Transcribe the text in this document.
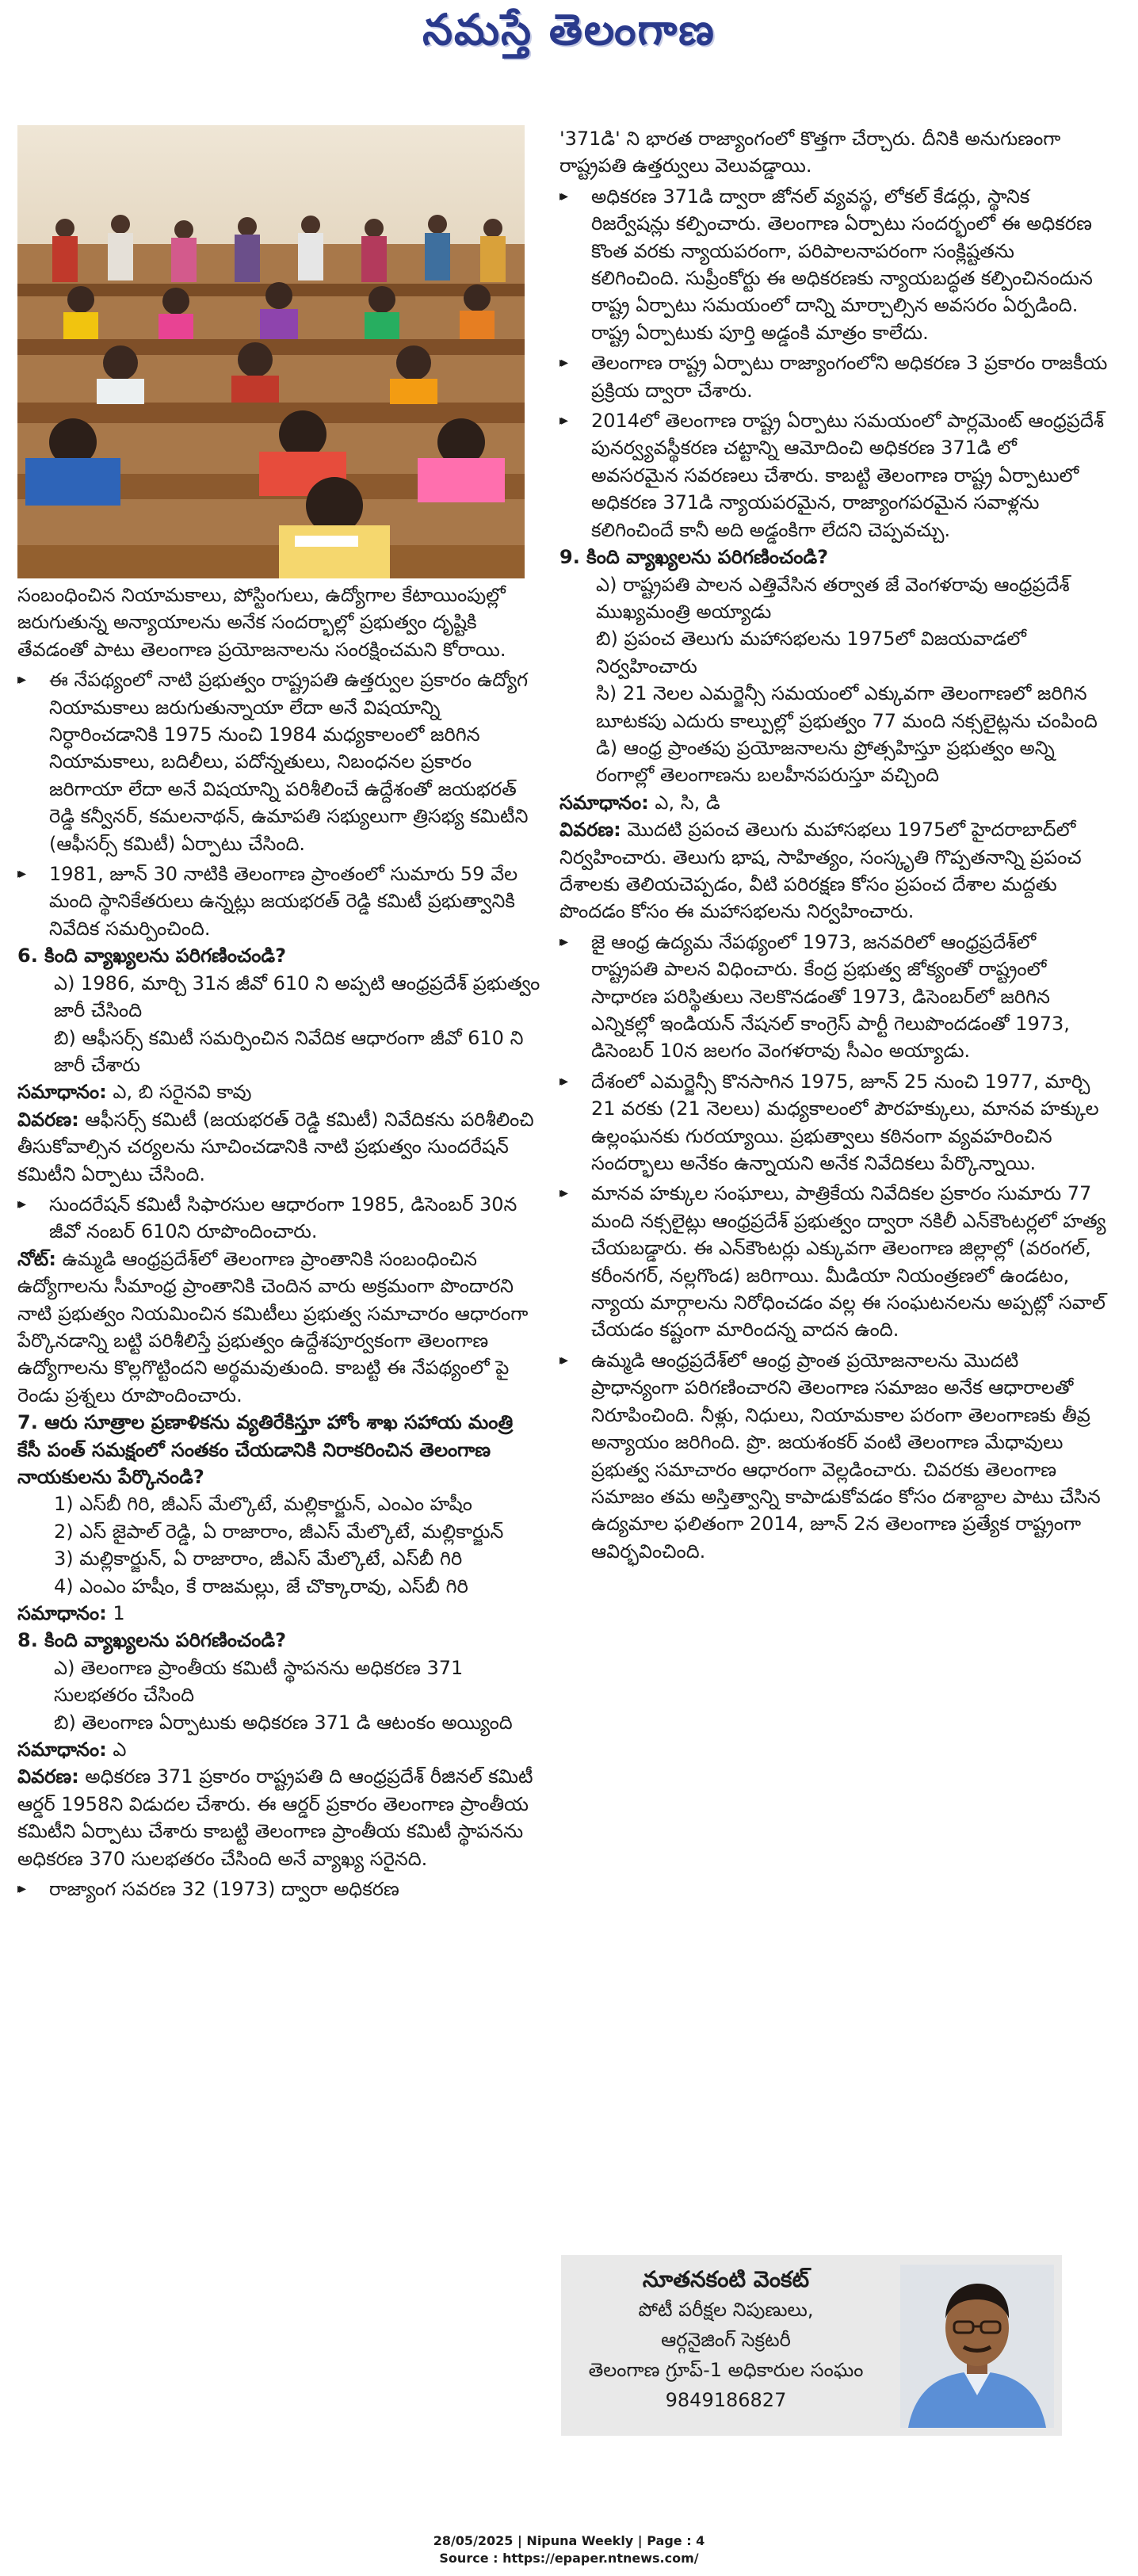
నమస్తే తెలంగాణ

సంబంధించిన నియామకాలు, పోస్టింగులు, ఉద్యోగాల కేటాయింపుల్లో జరుగుతున్న అన్యాయాలను అనేక సందర్భాల్లో ప్రభుత్వం దృష్టికి తేవడంతో పాటు తెలంగాణ ప్రయోజనాలను సంరక్షించమని కోరాయి.

▸▸ ఈ నేపథ్యంలో నాటి ప్రభుత్వం రాష్ట్రపతి ఉత్తర్వుల ప్రకారం ఉద్యోగ నియామకాలు జరుగుతున్నాయా లేదా అనే విషయాన్ని నిర్ధారించడానికి 1975 నుంచి 1984 మధ్యకాలంలో జరిగిన నియామకాలు, బదిలీలు, పదోన్నతులు, నిబంధనల ప్రకారం జరిగాయా లేదా అనే విషయాన్ని పరిశీలించే ఉద్దేశంతో జయభరత్ రెడ్డి కన్వీనర్‌, కమలనాథన్‌, ఉమాపతి సభ్యులుగా త్రిసభ్య కమిటీని (ఆఫీసర్స్ కమిటీ) ఏర్పాటు చేసింది.

▸▸ 1981, జూన్ 30 నాటికి తెలంగాణ ప్రాంతంలో సుమారు 59 వేల మంది స్థానికేతరులు ఉన్నట్లు జయభరత్ రెడ్డి కమిటీ ప్రభుత్వానికి నివేదిక సమర్పించింది.

6. కింది వ్యాఖ్యలను పరిగణించండి?

ఎ) 1986, మార్చి 31న జీవో 610 ని అప్పటి ఆంధ్రప్రదేశ్ ప్రభుత్వం జారీ చేసింది

బి) ఆఫీసర్స్ కమిటీ సమర్పించిన నివేదిక ఆధారంగా జీవో 610 ని జారీ చేశారు

సమాధానం: ఎ, బి సరైనవి కావు

వివరణ: ఆఫీసర్స్ కమిటీ (జయభరత్ రెడ్డి కమిటీ) నివేదికను పరిశీలించి తీసుకోవాల్సిన చర్యలను సూచించడానికి నాటి ప్రభుత్వం సుందరేషన్ కమిటీని ఏర్పాటు చేసింది.

▸▸ సుందరేషన్ కమిటీ సిఫారసుల ఆధారంగా 1985, డిసెంబర్ 30న జీవో నంబర్ 610ని రూపొందించారు.

నోట్: ఉమ్మడి ఆంధ్రప్రదేశ్‌లో తెలంగాణ ప్రాంతానికి సంబంధించిన ఉద్యోగాలను సీమాంధ్ర ప్రాంతానికి చెందిన వారు అక్రమంగా పొందారని నాటి ప్రభుత్వం నియమించిన కమిటీలు ప్రభుత్వ సమాచారం ఆధారంగా పేర్కొనడాన్ని బట్టి పరిశీలిస్తే ప్రభుత్వం ఉద్దేశపూర్వకంగా తెలంగాణ ఉద్యోగాలను కొల్లగొట్టిందని అర్థమవుతుంది. కాబట్టి ఈ నేపథ్యంలో పై రెండు ప్రశ్నలు రూపొందించారు.

7. ఆరు సూత్రాల ప్రణాళికను వ్యతిరేకిస్తూ హోం శాఖ సహాయ మంత్రి కేసీ పంత్ సమక్షంలో సంతకం చేయడానికి నిరాకరించిన తెలంగాణ నాయకులను పేర్కొనండి?

1) ఎస్‌బీ గిరి, జీఎస్ మేల్కొటే, మల్లికార్జున్‌, ఎంఎం హషీం

2) ఎస్ జైపాల్ రెడ్డి, ఏ రాజారాం, జీఎస్ మేల్కొటే, మల్లికార్జున్

3) మల్లికార్జున్‌, ఏ రాజారాం, జీఎస్ మేల్కొటే, ఎస్‌బీ గిరి

4) ఎంఎం హషీం, కే రాజమల్లు, జే చొక్కారావు, ఎస్‌బీ గిరి

సమాధానం: 1

8. కింది వ్యాఖ్యలను పరిగణించండి?

ఎ) తెలంగాణ ప్రాంతీయ కమిటీ స్థాపనను అధికరణ 371 సులభతరం చేసింది

బి) తెలంగాణ ఏర్పాటుకు అధికరణ 371 డి ఆటంకం అయ్యింది

సమాధానం: ఎ

వివరణ: అధికరణ 371 ప్రకారం రాష్ట్రపతి ది ఆంధ్రప్రదేశ్ రీజినల్ కమిటీ ఆర్డర్ 1958ని విడుదల చేశారు. ఈ ఆర్డర్ ప్రకారం తెలంగాణ ప్రాంతీయ కమిటీని ఏర్పాటు చేశారు కాబట్టి తెలంగాణ ప్రాంతీయ కమిటీ స్థాపనను అధికరణ 370 సులభతరం చేసింది అనే వ్యాఖ్య సరైనది.

▸▸ రాజ్యాంగ సవరణ 32 (1973) ద్వారా అధికరణ

'371డి' ని భారత రాజ్యాంగంలో కొత్తగా చేర్చారు. దీనికి అనుగుణంగా రాష్ట్రపతి ఉత్తర్వులు వెలువడ్డాయి.

▸▸ అధికరణ 371డి ద్వారా జోనల్ వ్యవస్థ, లోకల్ కేడర్లు, స్థానిక రిజర్వేషన్లు కల్పించారు. తెలంగాణ ఏర్పాటు సందర్భంలో ఈ అధికరణ కొంత వరకు న్యాయపరంగా, పరిపాలనాపరంగా సంక్లిష్టతను కలిగించింది. సుప్రీంకోర్టు ఈ అధికరణకు న్యాయబద్ధత కల్పించినందున రాష్ట్ర ఏర్పాటు సమయంలో దాన్ని మార్చాల్సిన అవసరం ఏర్పడింది. రాష్ట్ర ఏర్పాటుకు పూర్తి అడ్డంకి మాత్రం కాలేదు.

▸▸ తెలంగాణ రాష్ట్ర ఏర్పాటు రాజ్యాంగంలోని అధికరణ 3 ప్రకారం రాజకీయ ప్రక్రియ ద్వారా చేశారు.

▸▸ 2014లో తెలంగాణ రాష్ట్ర ఏర్పాటు సమయంలో పార్లమెంట్ ఆంధ్రప్రదేశ్ పునర్వ్యవస్థీకరణ చట్టాన్ని ఆమోదించి అధికరణ 371డి లో అవసరమైన సవరణలు చేశారు. కాబట్టి తెలంగాణ రాష్ట్ర ఏర్పాటులో అధికరణ 371డి న్యాయపరమైన, రాజ్యాంగపరమైన సవాళ్లను కలిగించిందే కానీ అది అడ్డంకిగా లేదని చెప్పవచ్చు.

9. కింది వ్యాఖ్యలను పరిగణించండి?

ఎ) రాష్ట్రపతి పాలన ఎత్తివేసిన తర్వాత జే వెంగళరావు ఆంధ్రప్రదేశ్ ముఖ్యమంత్రి అయ్యాడు

బి) ప్రపంచ తెలుగు మహాసభలను 1975లో విజయవాడలో నిర్వహించారు

సి) 21 నెలల ఎమర్జెన్సీ సమయంలో ఎక్కువగా తెలంగాణలో జరిగిన బూటకపు ఎదురు కాల్పుల్లో ప్రభుత్వం 77 మంది నక్సలైట్లను చంపింది

డి) ఆంధ్ర ప్రాంతపు ప్రయోజనాలను ప్రోత్సహిస్తూ ప్రభుత్వం అన్ని రంగాల్లో తెలంగాణను బలహీనపరుస్తూ వచ్చింది

సమాధానం: ఎ, సి, డి

వివరణ: మొదటి ప్రపంచ తెలుగు మహాసభలు 1975లో హైదరాబాద్‌లో నిర్వహించారు. తెలుగు భాష, సాహిత్యం, సంస్కృతి గొప్పతనాన్ని ప్రపంచ దేశాలకు తెలియచెప్పడం, వీటి పరిరక్షణ కోసం ప్రపంచ దేశాల మద్దతు పొందడం కోసం ఈ మహాసభలను నిర్వహించారు.

▸▸ జై ఆంధ్ర ఉద్యమ నేపథ్యంలో 1973, జనవరిలో ఆంధ్రప్రదేశ్‌లో రాష్ట్రపతి పాలన విధించారు. కేంద్ర ప్రభుత్వ జోక్యంతో రాష్ట్రంలో సాధారణ పరిస్థితులు నెలకొనడంతో 1973, డిసెంబర్‌లో జరిగిన ఎన్నికల్లో ఇండియన్ నేషనల్ కాంగ్రెస్ పార్టీ గెలుపొందడంతో 1973, డిసెంబర్ 10న జలగం వెంగళరావు సీఎం అయ్యాడు.

▸▸ దేశంలో ఎమర్జెన్సీ కొనసాగిన 1975, జూన్ 25 నుంచి 1977, మార్చి 21 వరకు (21 నెలలు) మధ్యకాలంలో పౌరహక్కులు, మానవ హక్కుల ఉల్లంఘనకు గురయ్యాయి. ప్రభుత్వాలు కఠినంగా వ్యవహరించిన సందర్భాలు అనేకం ఉన్నాయని అనేక నివేదికలు పేర్కొన్నాయి.

▸▸ మానవ హక్కుల సంఘాలు, పాత్రికేయ నివేదికల ప్రకారం సుమారు 77 మంది నక్సలైట్లు ఆంధ్రప్రదేశ్ ప్రభుత్వం ద్వారా నకిలీ ఎన్‌కౌంటర్లలో హత్య చేయబడ్డారు. ఈ ఎన్‌కౌంటర్లు ఎక్కువగా తెలంగాణ జిల్లాల్లో (వరంగల్, కరీంనగర్, నల్లగొండ) జరిగాయి. మీడియా నియంత్రణలో ఉండటం, న్యాయ మార్గాలను నిరోధించడం వల్ల ఈ సంఘటనలను అప్పట్లో సవాల్ చేయడం కష్టంగా మారిందన్న వాదన ఉంది.

▸▸ ఉమ్మడి ఆంధ్రప్రదేశ్‌లో ఆంధ్ర ప్రాంత ప్రయోజనాలను మొదటి ప్రాధాన్యంగా పరిగణించారని తెలంగాణ సమాజం అనేక ఆధారాలతో నిరూపించింది. నీళ్లు, నిధులు, నియామకాల పరంగా తెలంగాణకు తీవ్ర అన్యాయం జరిగింది. ప్రొ. జయశంకర్ వంటి తెలంగాణ మేధావులు ప్రభుత్వ సమాచారం ఆధారంగా వెల్లడించారు. చివరకు తెలంగాణ సమాజం తమ అస్తిత్వాన్ని కాపాడుకోవడం కోసం దశాబ్దాల పాటు చేసిన ఉద్యమాల ఫలితంగా 2014, జూన్ 2న తెలంగాణ ప్రత్యేక రాష్ట్రంగా ఆవిర్భవించింది.

నూతనకంటి వెంకట్
పోటీ పరీక్షల నిపుణులు,
ఆర్గనైజింగ్ సెక్రటరీ
తెలంగాణ గ్రూప్-1 అధికారుల సంఘం
9849186827
28/05/2025 | Nipuna Weekly | Page : 4
Source : https://epaper.ntnews.com/
